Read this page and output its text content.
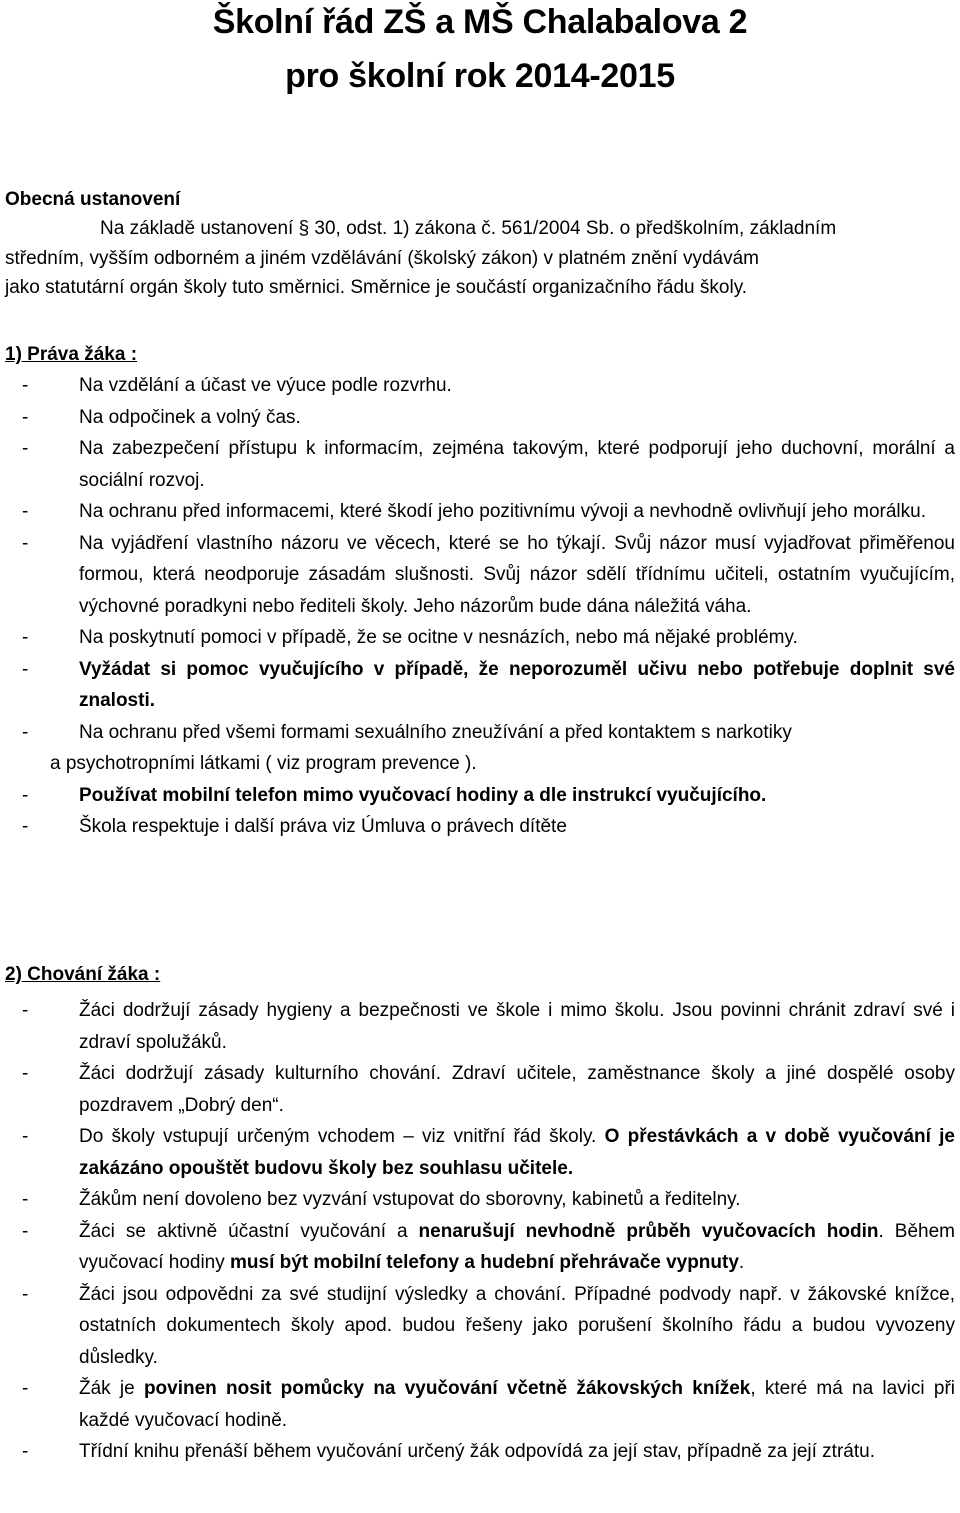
Školní řád ZŠ a MŠ Chalabalova 2
pro školní rok 2014-2015
Obecná ustanovení
Na základě ustanovení § 30, odst. 1) zákona č. 561/2004 Sb. o předškolním, základním
středním, vyšším odborném a jiném vzdělávání (školský zákon) v platném znění vydávám
jako statutární orgán školy tuto směrnici. Směrnice je součástí organizačního řádu školy.
1) Práva žáka :
-	Na vzdělání a účast ve výuce podle rozvrhu.
-	Na odpočinek a volný čas.
-	Na zabezpečení přístupu k informacím, zejména takovým, které podporují jeho duchovní, morální a sociální rozvoj.
-	Na ochranu před informacemi, které škodí jeho pozitivnímu vývoji a nevhodně ovlivňují jeho morálku.
-	Na vyjádření vlastního názoru ve věcech, které se ho týkají. Svůj názor musí vyjadřovat přiměřenou formou, která neodporuje zásadám slušnosti. Svůj názor sdělí třídnímu učiteli, ostatním vyučujícím, výchovné poradkyni nebo řediteli školy. Jeho názorům bude dána náležitá váha.
-	Na poskytnutí pomoci v případě, že se ocitne v nesnázích, nebo má nějaké problémy.
-	Vyžádat si pomoc vyučujícího v případě, že neporozuměl učivu nebo potřebuje doplnit své znalosti.
-	Na ochranu před všemi formami sexuálního zneužívání a před kontaktem s narkotiky
a psychotropními látkami ( viz program prevence ).
-	Používat mobilní telefon mimo vyučovací hodiny a dle instrukcí vyučujícího.
-	Škola respektuje i další práva viz Úmluva o právech dítěte
2) Chování žáka :
-	Žáci dodržují zásady hygieny a bezpečnosti ve škole i mimo školu. Jsou povinni chránit zdraví své i zdraví spolužáků.
-	Žáci dodržují zásady kulturního chování. Zdraví učitele, zaměstnance školy a jiné dospělé osoby pozdravem „Dobrý den“.
-	Do školy vstupují určeným vchodem – viz vnitřní řád školy. O přestávkách a v době vyučování je zakázáno opouštět budovu školy bez souhlasu učitele.
-	Žákům není dovoleno bez vyzvání vstupovat do sborovny, kabinetů a ředitelny.
-	Žáci se aktivně účastní vyučování a nenarušují nevhodně průběh vyučovacích hodin. Během vyučovací hodiny musí být mobilní telefony a hudební přehrávače vypnuty.
-	Žáci jsou odpovědni za své studijní výsledky a chování. Případné podvody např. v žákovské knížce, ostatních dokumentech školy apod. budou řešeny jako porušení školního řádu a budou vyvozeny důsledky.
-	Žák je povinen nosit pomůcky na vyučování včetně žákovských knížek, které má na lavici při každé vyučovací hodině.
-	Třídní knihu přenáší během vyučování určený žák odpovídá za její stav, případně za její ztrátu.
